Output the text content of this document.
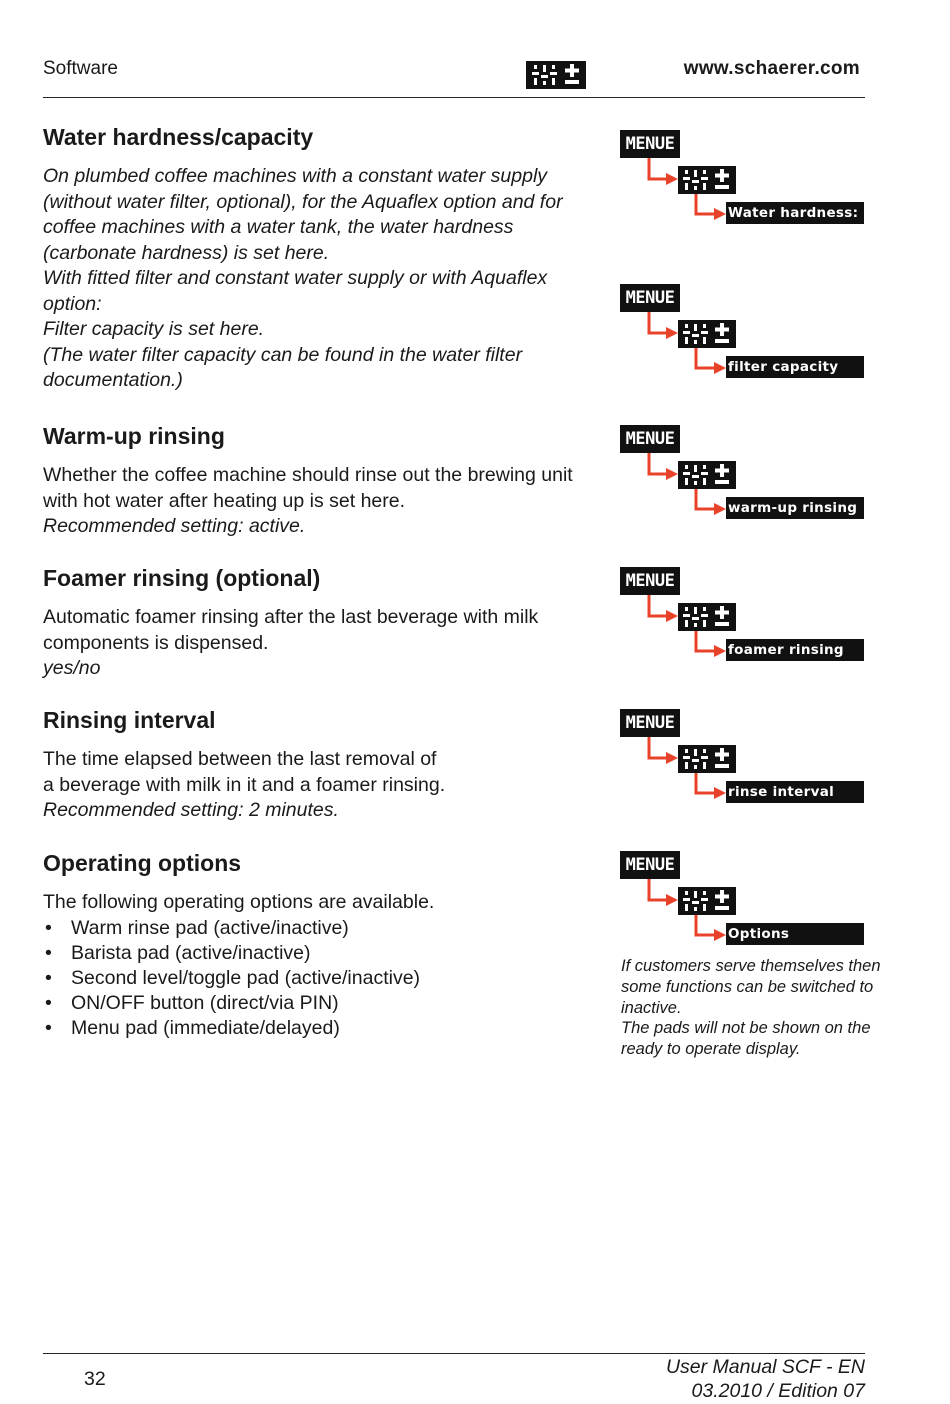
Software	www.schaerer.com
Water hardness/capacity

On plumbed coffee machines with a constant water supply (without water filter, optional), for the Aquaflex option and for coffee machines with a water tank, the water hardness (carbonate hardness) is set here.

With fitted filter and constant water supply or with Aquaflex option:

Filter capacity is set here.

(The water filter capacity can be found in the water filter documentation.)

Warm-up rinsing

Whether the coffee machine should rinse out the brewing unit with hot water after heating up is set here.

Recommended setting: active.

Foamer rinsing (optional)

Automatic foamer rinsing after the last beverage with milk components is dispensed.

yes/no

Rinsing interval

The time elapsed between the last removal of

a beverage with milk in it and a foamer rinsing.

Recommended setting: 2 minutes.

Operating options

The following operating options are available.

• Warm rinse pad (active/inactive)
• Barista pad (active/inactive)
• Second level/toggle pad (active/inactive)
• ON/OFF button (direct/via PIN)
• Menu pad (immediate/delayed)
MENUE
Water hardness:
MENUE
filter capacity
MENUE
warm-up rinsing
MENUE
foamer rinsing
MENUE
rinse interval
MENUE
Options
If customers serve themselves then some functions can be switched to inactive.
The pads will not be shown on the ready to operate display.
32
User Manual SCF - EN
03.2010 / Edition 07
